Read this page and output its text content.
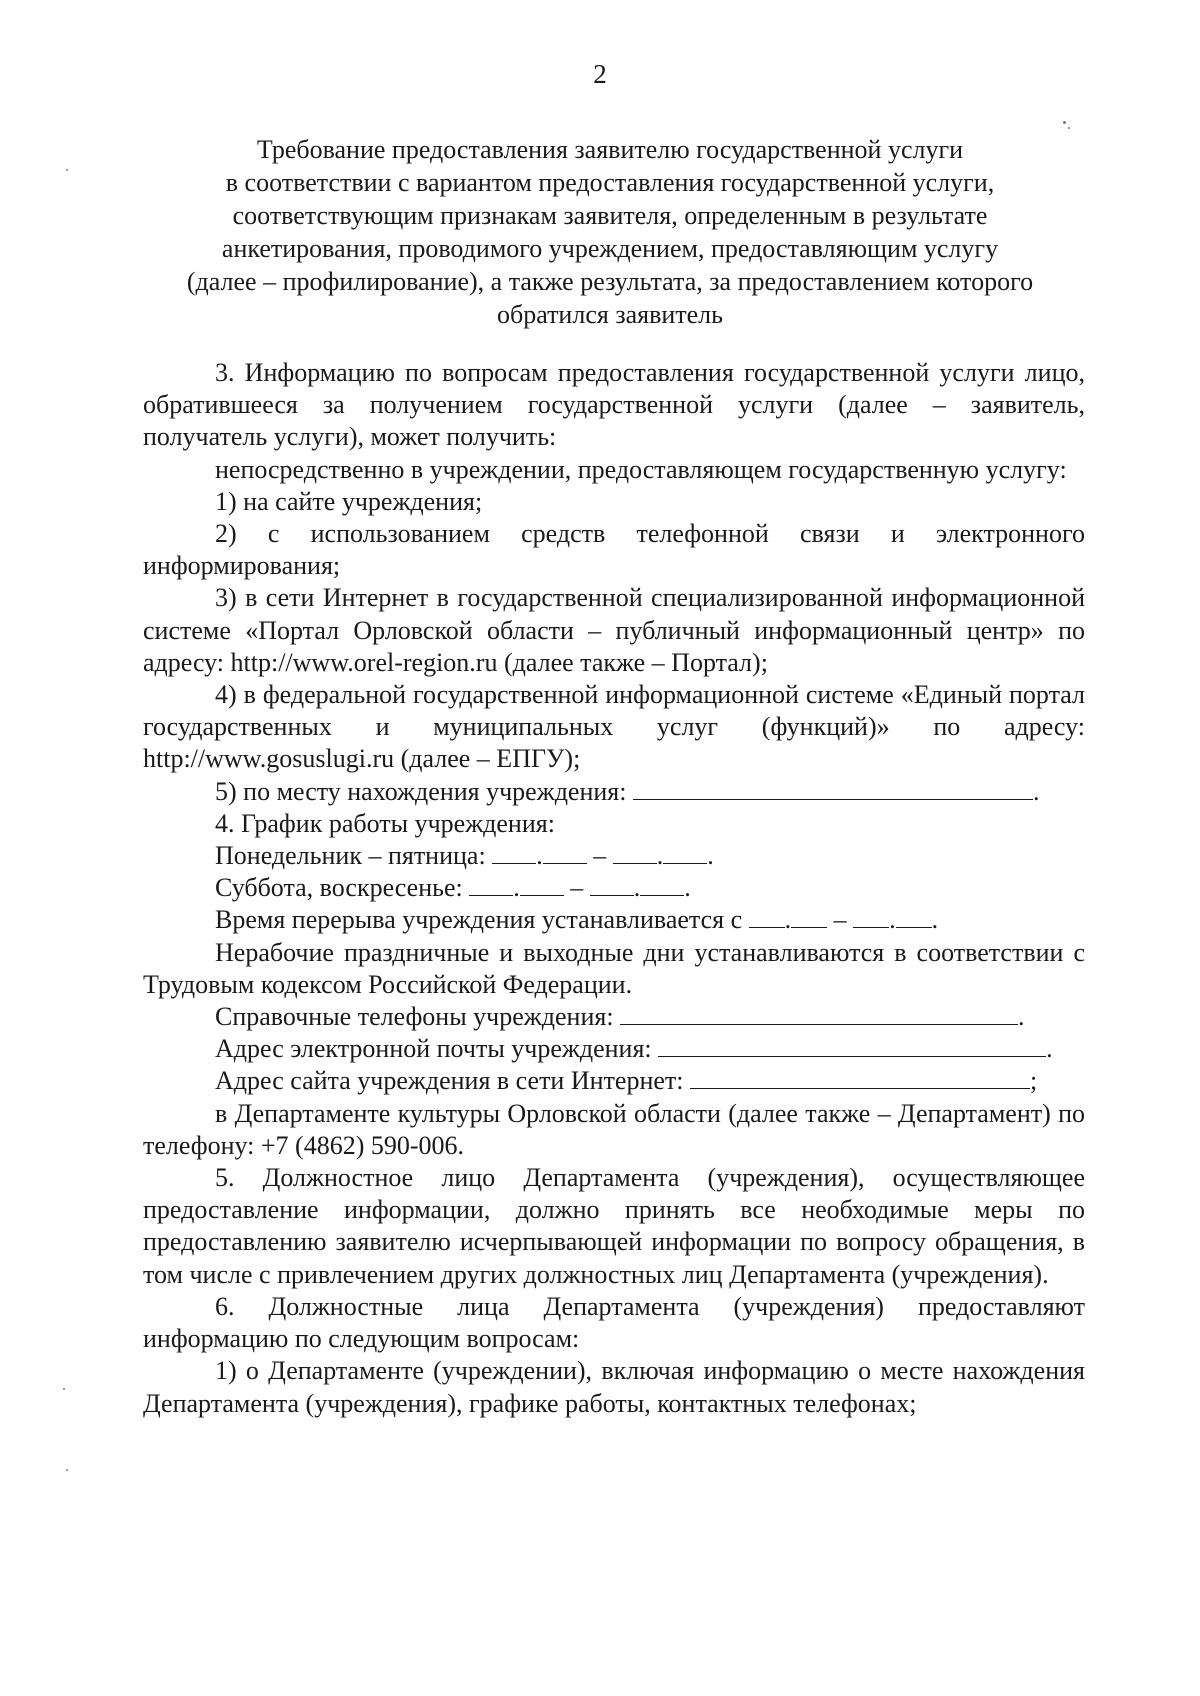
2
Требование предоставления заявителю государственной услуги
в соответствии с вариантом предоставления государственной услуги,
соответствующим признакам заявителя, определенным в результате
анкетирования, проводимого учреждением, предоставляющим услугу
(далее – профилирование), а также результата, за предоставлением которого
обратился заявитель

3. Информацию по вопросам предоставления государственной услуги лицо, обратившееся за получением государственной услуги (далее – заявитель, получатель услуги), может получить:

непосредственно в учреждении, предоставляющем государственную услугу:

1) на сайте учреждения;

2) с использованием средств телефонной связи и электронного информирования;

3) в сети Интернет в государственной специализированной информационной системе «Портал Орловской области – публичный информационный центр» по адресу: http://www.orel-region.ru (далее также – Портал);

4) в федеральной государственной информационной системе «Единый портал государственных и муниципальных услуг (функций)» по адресу: http://www.gosuslugi.ru (далее – ЕПГУ);

5) по месту нахождения учреждения:	.

4. График работы учреждения:

Понедельник – пятница: . – . .

Суббота, воскресенье: . – . .

Время перерыва учреждения устанавливается с . – . .

Нерабочие праздничные и выходные дни устанавливаются в соответствии с Трудовым кодексом Российской Федерации.

Справочные телефоны учреждения:	.

Адрес электронной почты учреждения:	.

Адрес сайта учреждения в сети Интернет:	;

в Департаменте культуры Орловской области (далее также – Департамент) по телефону: +7 (4862) 590-006.

5. Должностное лицо Департамента (учреждения), осуществляющее предоставление информации, должно принять все необходимые меры по предоставлению заявителю исчерпывающей информации по вопросу обращения, в том числе с привлечением других должностных лиц Департамента (учреждения).

6. Должностные лица Департамента (учреждения) предоставляют информацию по следующим вопросам:

1) о Департаменте (учреждении), включая информацию о месте нахождения Департамента (учреждения), графике работы, контактных телефонах;
